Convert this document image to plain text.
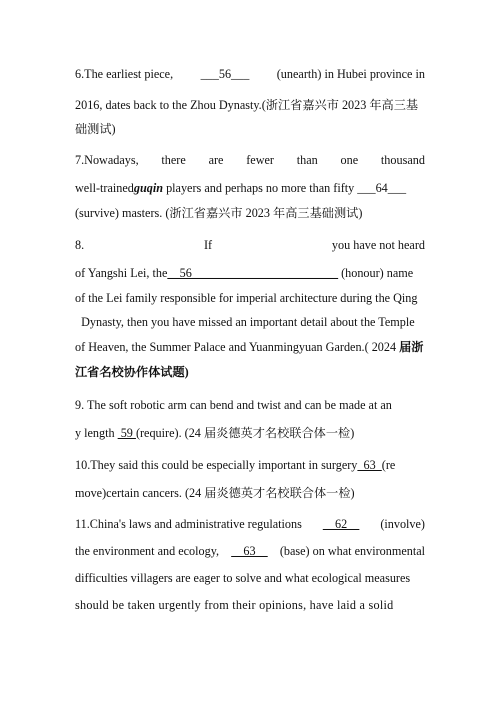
6.The earliest piece, ___56___ (unearth) in Hubei province in
2016, dates back to the Zhou Dynasty.(浙江省嘉兴市 2023 年高三基
础测试)
7.Nowadays, there are fewer than one thousand
well-trainedguqin players and perhaps no more than fifty ___64___
(survive) masters. (浙江省嘉兴市 2023 年高三基础测试)
8.	If	you have not heard
of Yangshi Lei, the__56________________________ (honour) name
of the Lei family responsible for imperial architecture during the Qing
Dynasty, then you have missed an important detail about the Temple
of Heaven, the Summer Palace and Yuanmingyuan Garden.( 2024 届浙
江省名校协作体试题)
9. The soft robotic arm can bend and twist and can be made at an
y length  59 (require). (24 届炎德英才名校联合体一检)
10.They said this could be especially important in surgery  63  (re
move)certain cancers. (24 届炎德英才名校联合体一检)
11.China's laws and administrative regulations 62 (involve)
the environment and ecology, 63 (base) on what environmental
difficulties villagers are eager to solve and what ecological measures
should be taken urgently from their opinions, have laid a solid
